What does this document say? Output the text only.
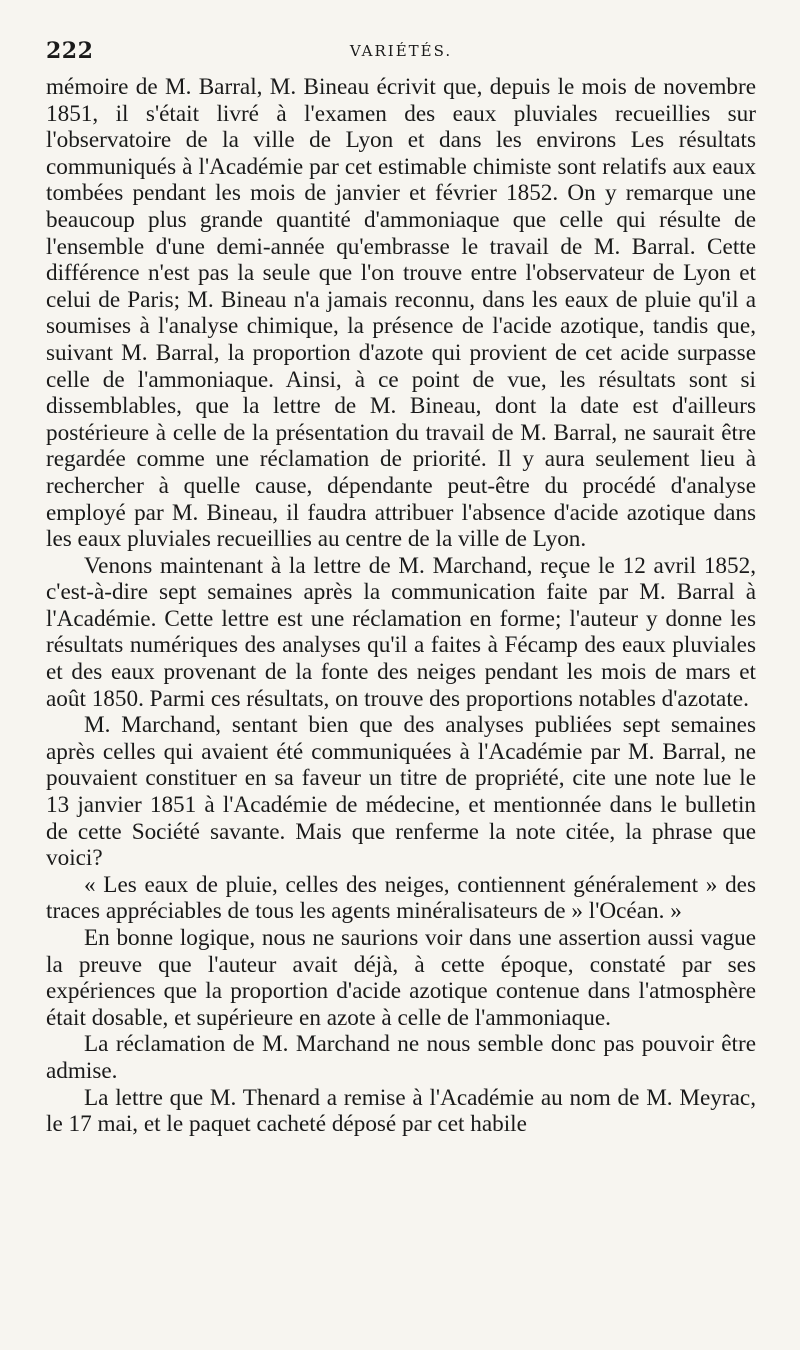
222	VARIÉTÉS.

mémoire de M. Barral, M. Bineau écrivit que, depuis le mois de novembre 1851, il s'était livré à l'examen des eaux pluviales recueillies sur l'observatoire de la ville de Lyon et dans les environs Les résultats communiqués à l'Académie par cet estimable chimiste sont relatifs aux eaux tombées pendant les mois de janvier et février 1852. On y remarque une beaucoup plus grande quantité d'ammoniaque que celle qui résulte de l'ensemble d'une demi-année qu'embrasse le travail de M. Barral. Cette différence n'est pas la seule que l'on trouve entre l'observateur de Lyon et celui de Paris; M. Bineau n'a jamais reconnu, dans les eaux de pluie qu'il a soumises à l'analyse chimique, la présence de l'acide azotique, tandis que, suivant M. Barral, la proportion d'azote qui provient de cet acide surpasse celle de l'ammoniaque. Ainsi, à ce point de vue, les résultats sont si dissemblables, que la lettre de M. Bineau, dont la date est d'ailleurs postérieure à celle de la présentation du travail de M. Barral, ne saurait être regardée comme une réclamation de priorité. Il y aura seulement lieu à rechercher à quelle cause, dépendante peut-être du procédé d'analyse employé par M. Bineau, il faudra attribuer l'absence d'acide azotique dans les eaux pluviales recueillies au centre de la ville de Lyon.

Venons maintenant à la lettre de M. Marchand, reçue le 12 avril 1852, c'est-à-dire sept semaines après la communication faite par M. Barral à l'Académie. Cette lettre est une réclamation en forme; l'auteur y donne les résultats numériques des analyses qu'il a faites à Fécamp des eaux pluviales et des eaux provenant de la fonte des neiges pendant les mois de mars et août 1850. Parmi ces résultats, on trouve des proportions notables d'azotate.

M. Marchand, sentant bien que des analyses publiées sept semaines après celles qui avaient été communiquées à l'Académie par M. Barral, ne pouvaient constituer en sa faveur un titre de propriété, cite une note lue le 13 janvier 1851 à l'Académie de médecine, et mentionnée dans le bulletin de cette Société savante. Mais que renferme la note citée, la phrase que voici?

« Les eaux de pluie, celles des neiges, contiennent généralement » des traces appréciables de tous les agents minéralisateurs de » l'Océan. »

En bonne logique, nous ne saurions voir dans une assertion aussi vague la preuve que l'auteur avait déjà, à cette époque, constaté par ses expériences que la proportion d'acide azotique contenue dans l'atmosphère était dosable, et supérieure en azote à celle de l'ammoniaque.

La réclamation de M. Marchand ne nous semble donc pas pouvoir être admise.

La lettre que M. Thenard a remise à l'Académie au nom de M. Meyrac, le 17 mai, et le paquet cacheté déposé par cet habile
